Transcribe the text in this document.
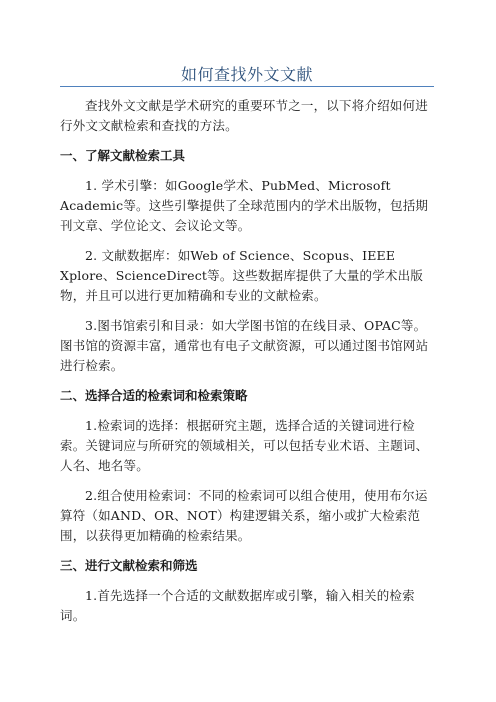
如何查找外文文献

查找外文文献是学术研究的重要环节之一，以下将介绍如何进行外文文献检索和查找的方法。

一、了解文献检索工具

1. 学术引擎：如Google学术、PubMed、Microsoft Academic等。这些引擎提供了全球范围内的学术出版物，包括期刊文章、学位论文、会议论文等。

2. 文献数据库：如Web of Science、Scopus、IEEE Xplore、ScienceDirect等。这些数据库提供了大量的学术出版物，并且可以进行更加精确和专业的文献检索。

3.图书馆索引和目录：如大学图书馆的在线目录、OPAC等。图书馆的资源丰富，通常也有电子文献资源，可以通过图书馆网站进行检索。

二、选择合适的检索词和检索策略

1.检索词的选择：根据研究主题，选择合适的关键词进行检索。关键词应与所研究的领域相关，可以包括专业术语、主题词、人名、地名等。

2.组合使用检索词：不同的检索词可以组合使用，使用布尔运算符（如AND、OR、NOT）构建逻辑关系，缩小或扩大检索范围，以获得更加精确的检索结果。

三、进行文献检索和筛选

1.首先选择一个合适的文献数据库或引擎，输入相关的检索词。
